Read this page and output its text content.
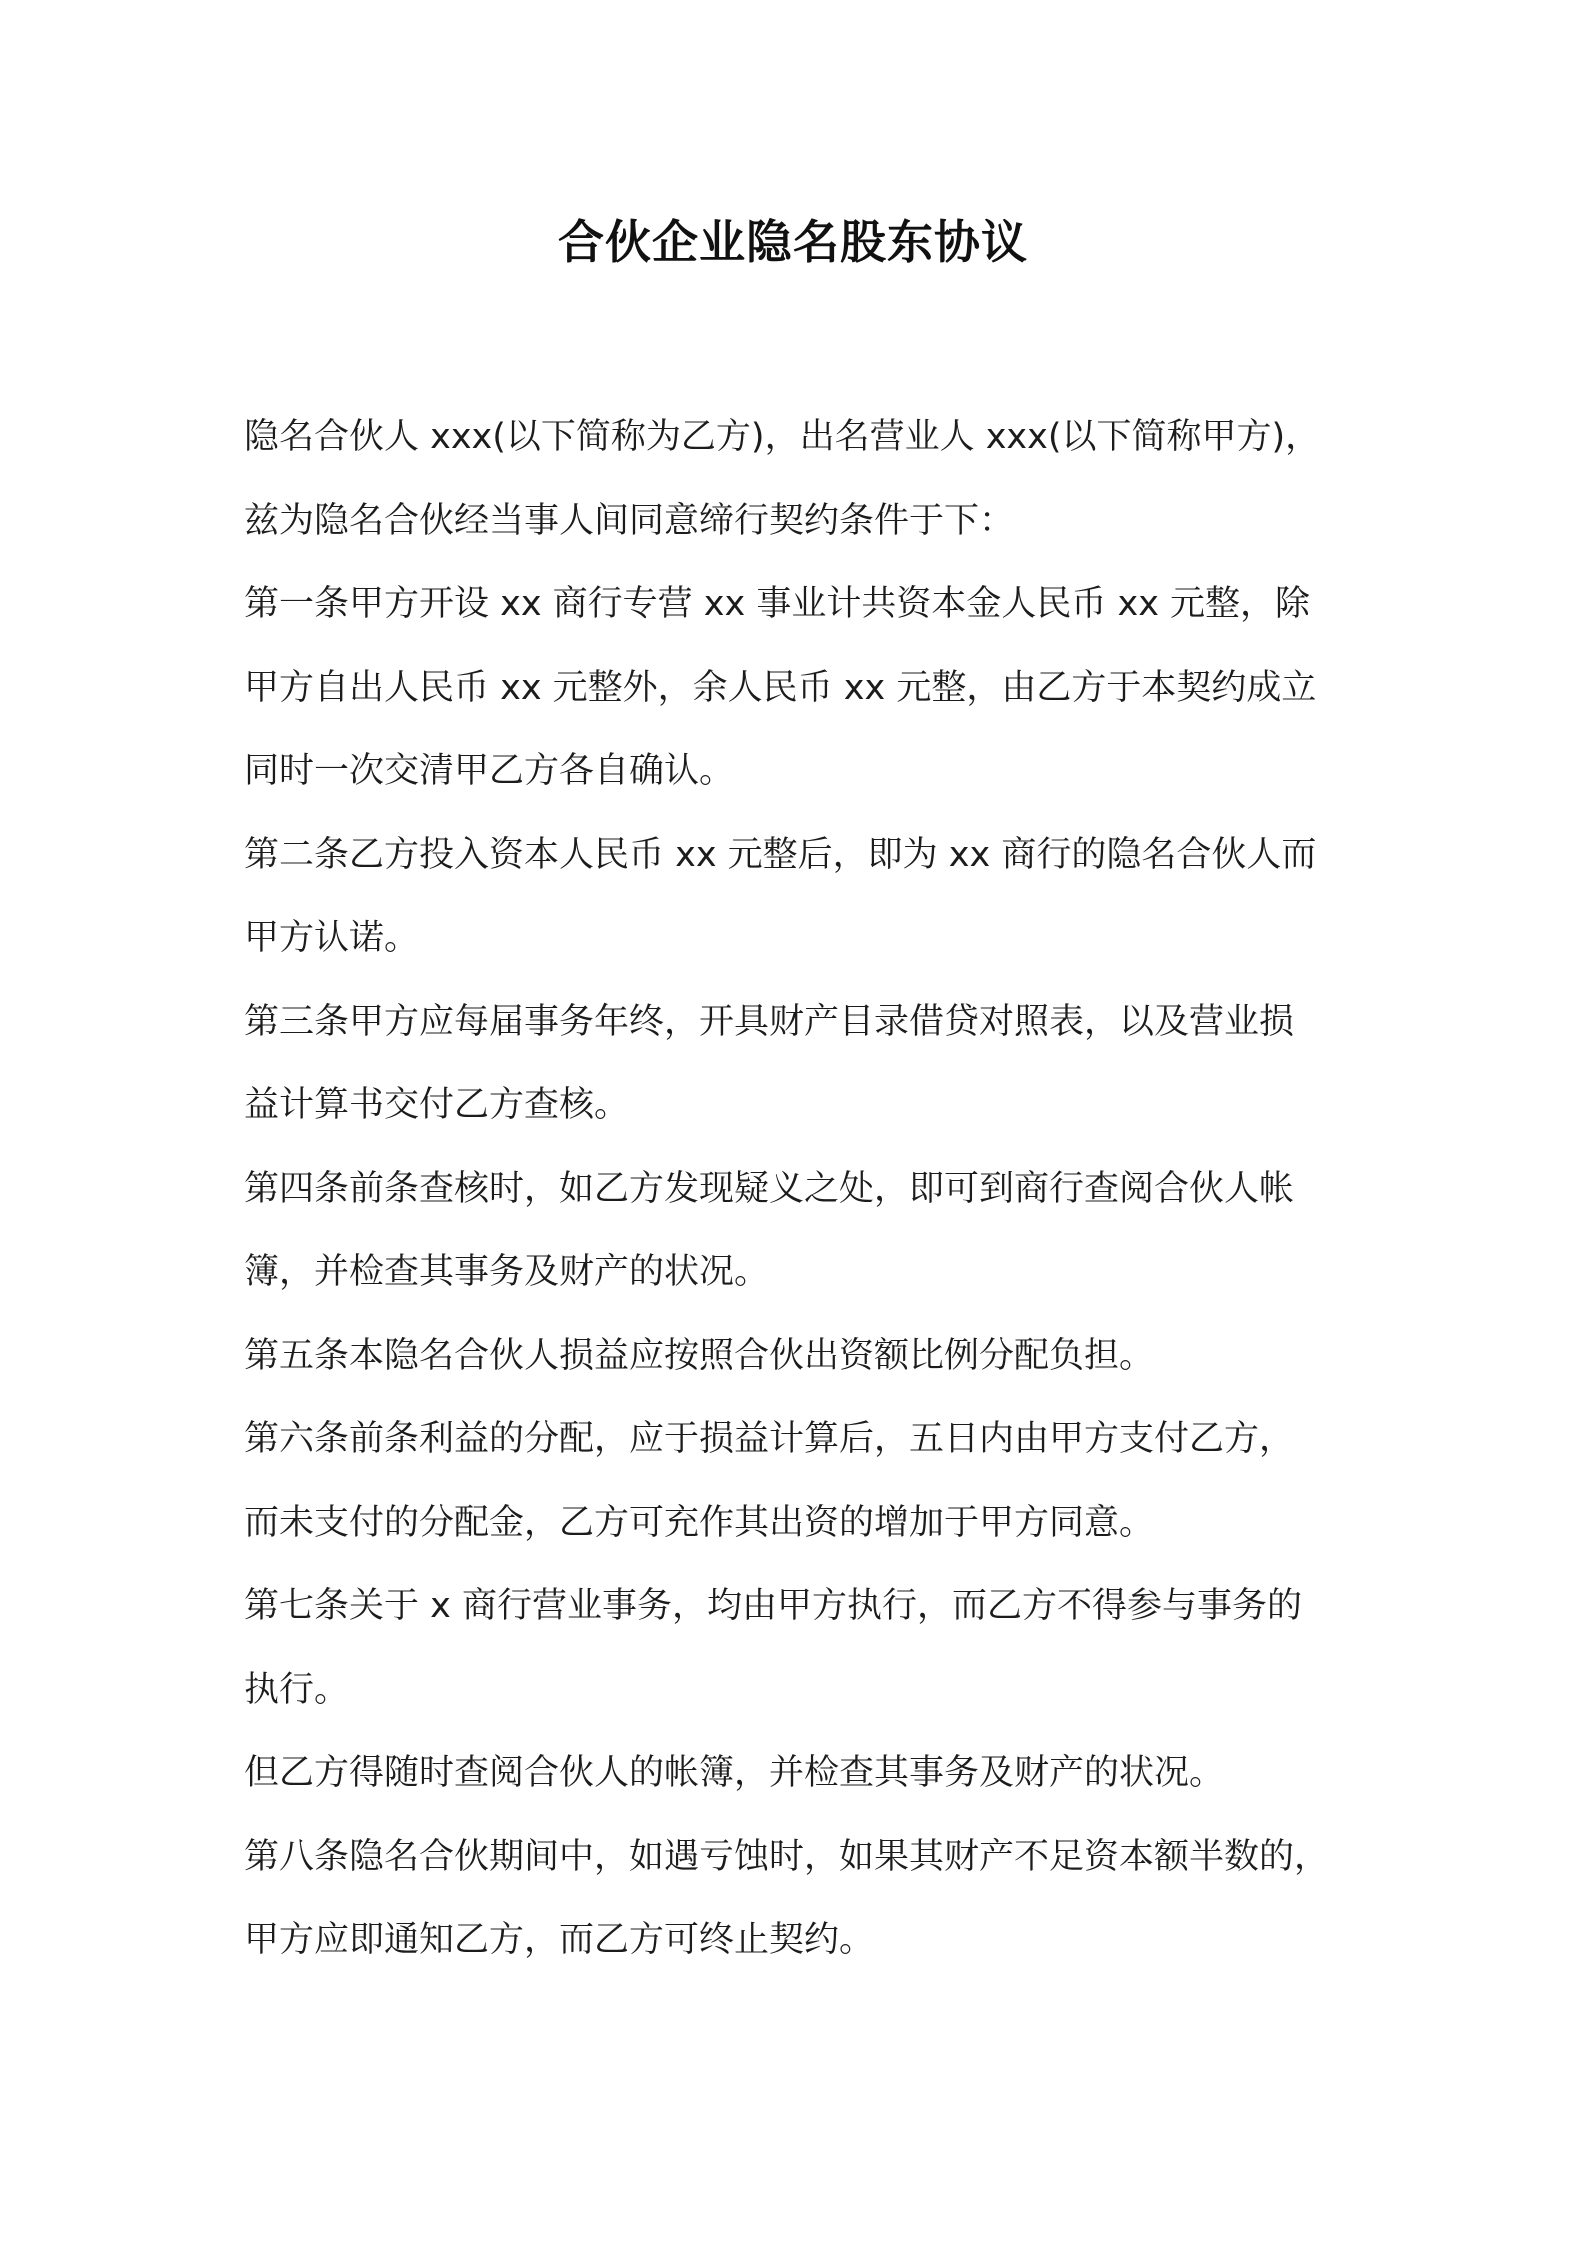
合伙企业隐名股东协议
隐名合伙人 xxx(以下简称为乙方)，出名营业人 xxx(以下简称甲方)，
兹为隐名合伙经当事人间同意缔行契约条件于下：
第一条甲方开设 xx 商行专营 xx 事业计共资本金人民币 xx 元整，除
甲方自出人民币 xx 元整外，余人民币 xx 元整，由乙方于本契约成立
同时一次交清甲乙方各自确认。
第二条乙方投入资本人民币 xx 元整后，即为 xx 商行的隐名合伙人而
甲方认诺。
第三条甲方应每届事务年终，开具财产目录借贷对照表，以及营业损
益计算书交付乙方查核。
第四条前条查核时，如乙方发现疑义之处，即可到商行查阅合伙人帐
簿，并检查其事务及财产的状况。
第五条本隐名合伙人损益应按照合伙出资额比例分配负担。
第六条前条利益的分配，应于损益计算后，五日内由甲方支付乙方，
而未支付的分配金，乙方可充作其出资的增加于甲方同意。
第七条关于 x 商行营业事务，均由甲方执行，而乙方不得参与事务的
执行。
但乙方得随时查阅合伙人的帐簿，并检查其事务及财产的状况。
第八条隐名合伙期间中，如遇亏蚀时，如果其财产不足资本额半数的，
甲方应即通知乙方，而乙方可终止契约。
